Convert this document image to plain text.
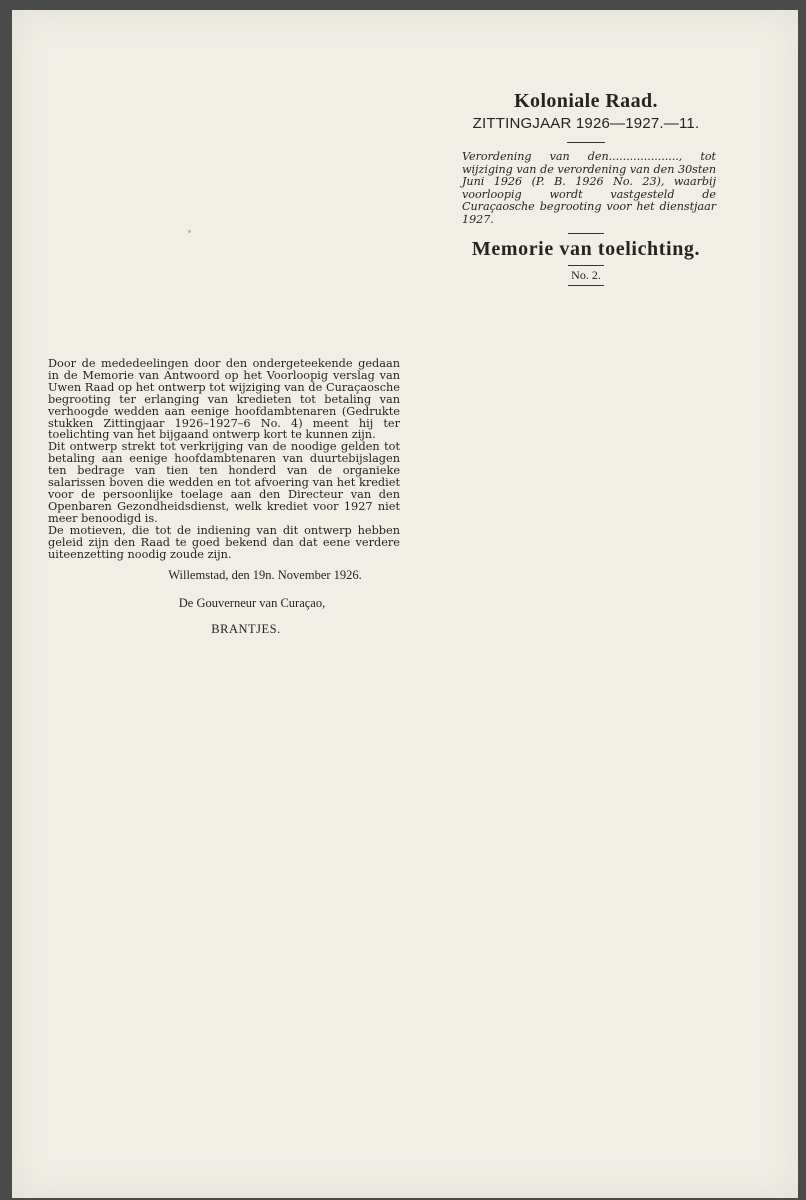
Koloniale Raad.
ZITTINGJAAR 1926—1927.—11.

Verordening van den...................., tot wijziging van de verordening van den 30sten Juni 1926 (P. B. 1926 No. 23), waarbij voorloopig wordt vastgesteld de Curaçaosche begrooting voor het dienstjaar 1927.

Memorie van toelichting.
No. 2.

Door de mededeelingen door den ondergeteekende gedaan in de Memorie van Antwoord op het Voorloopig verslag van Uwen Raad op het ontwerp tot wijziging van de Curaçaosche begrooting ter erlanging van kredieten tot betaling van verhoogde wedden aan eenige hoofdambtenaren (Gedrukte stukken Zittingjaar 1926–1927–6 No. 4) meent hij ter toelichting van het bijgaand ontwerp kort te kunnen zijn.

Dit ontwerp strekt tot verkrijging van de noodige gelden tot betaling aan eenige hoofdambtenaren van duurtebijslagen ten bedrage van tien ten honderd van de organieke salarissen boven die wedden en tot afvoering van het krediet voor de persoonlijke toelage aan den Directeur van den Openbaren Gezondheidsdienst, welk krediet voor 1927 niet meer benoodigd is.

De motieven, die tot de indiening van dit ontwerp hebben geleid zijn den Raad te goed bekend dan dat eene verdere uiteenzetting noodig zoude zijn.

Willemstad, den 19n. November 1926.
De Gouverneur van Curaçao,
BRANTJES.
